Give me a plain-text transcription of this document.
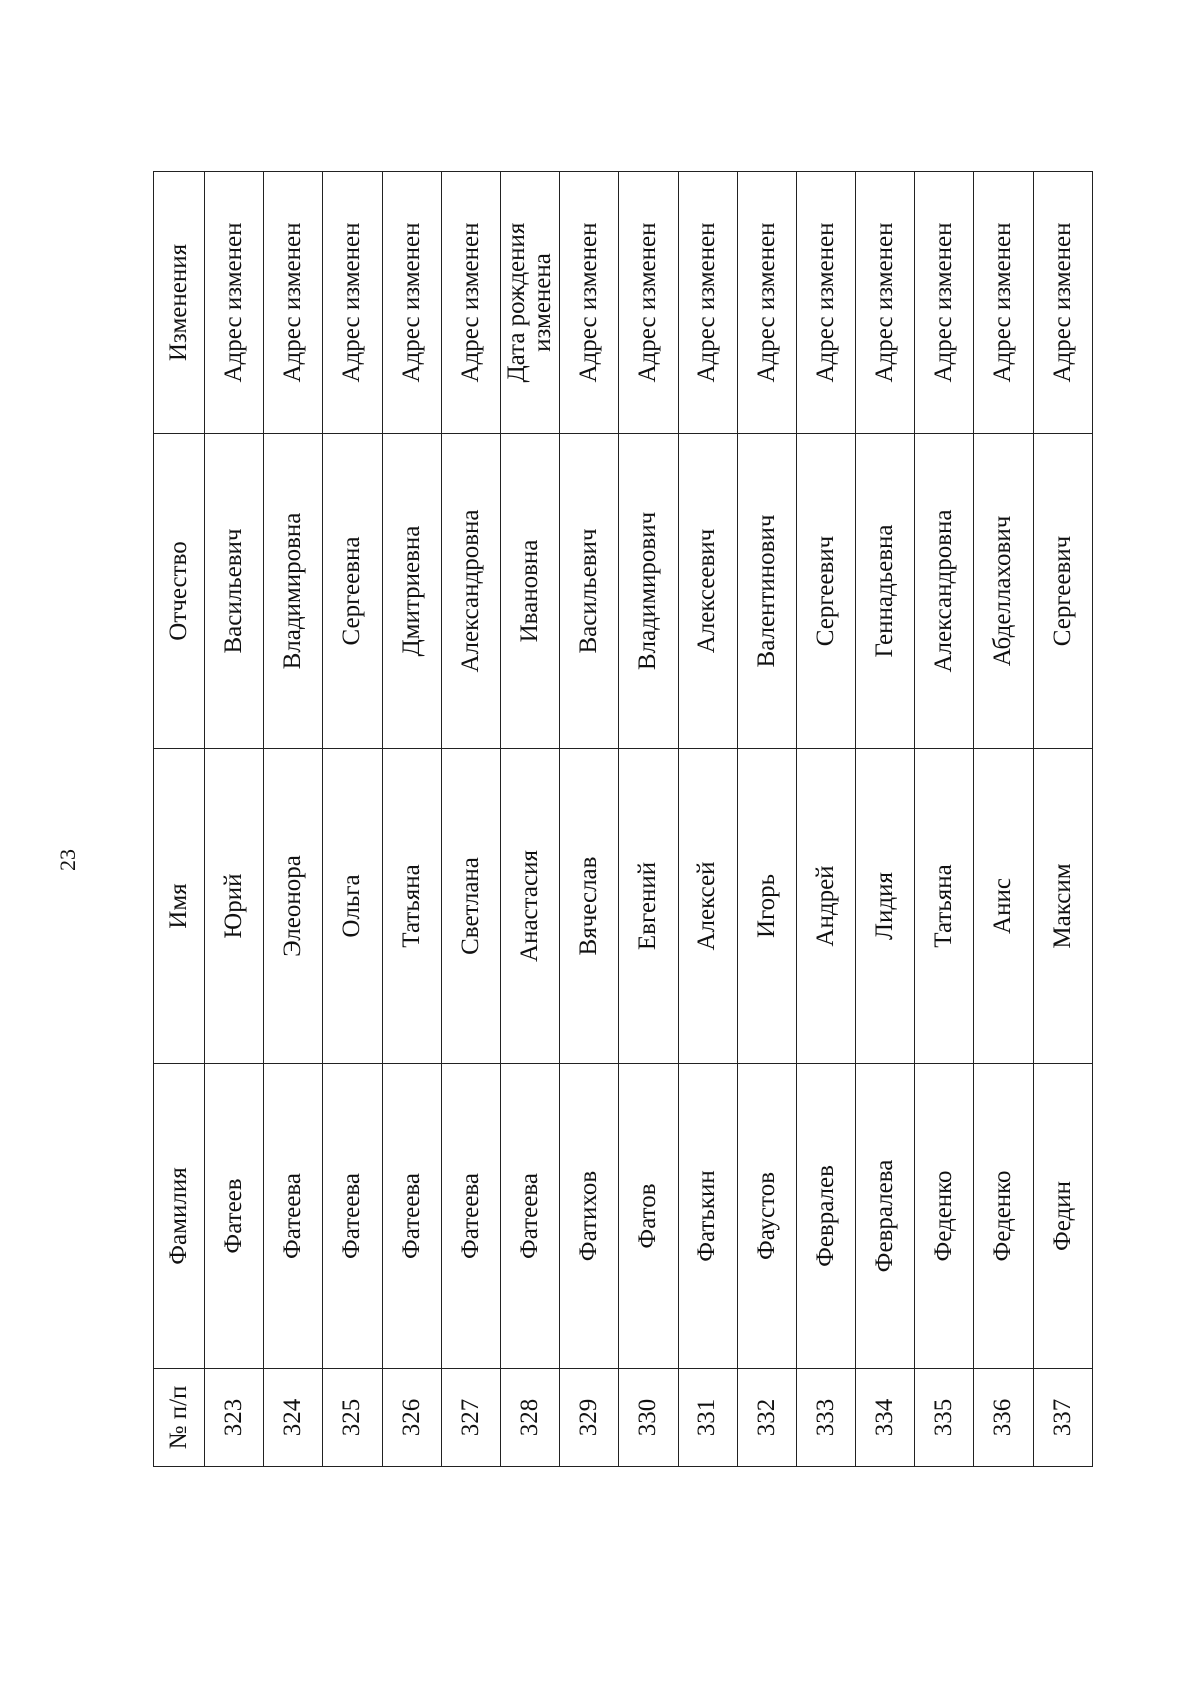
23
№ п/п	Фамилия	Имя	Отчество	Изменения
323	Фатеев	Юрий	Васильевич	Адрес изменен
324	Фатеева	Элеонора	Владимировна	Адрес изменен
325	Фатеева	Ольга	Сергеевна	Адрес изменен
326	Фатеева	Татьяна	Дмитриевна	Адрес изменен
327	Фатеева	Светлана	Александровна	Адрес изменен
328	Фатеева	Анастасия	Ивановна	Дата рождения изменена
329	Фатихов	Вячеслав	Васильевич	Адрес изменен
330	Фатов	Евгений	Владимирович	Адрес изменен
331	Фатькин	Алексей	Алексеевич	Адрес изменен
332	Фаустов	Игорь	Валентинович	Адрес изменен
333	Февралев	Андрей	Сергеевич	Адрес изменен
334	Февралева	Лидия	Геннадьевна	Адрес изменен
335	Феденко	Татьяна	Александровна	Адрес изменен
336	Феденко	Анис	Абделлахович	Адрес изменен
337	Федин	Максим	Сергеевич	Адрес изменен
